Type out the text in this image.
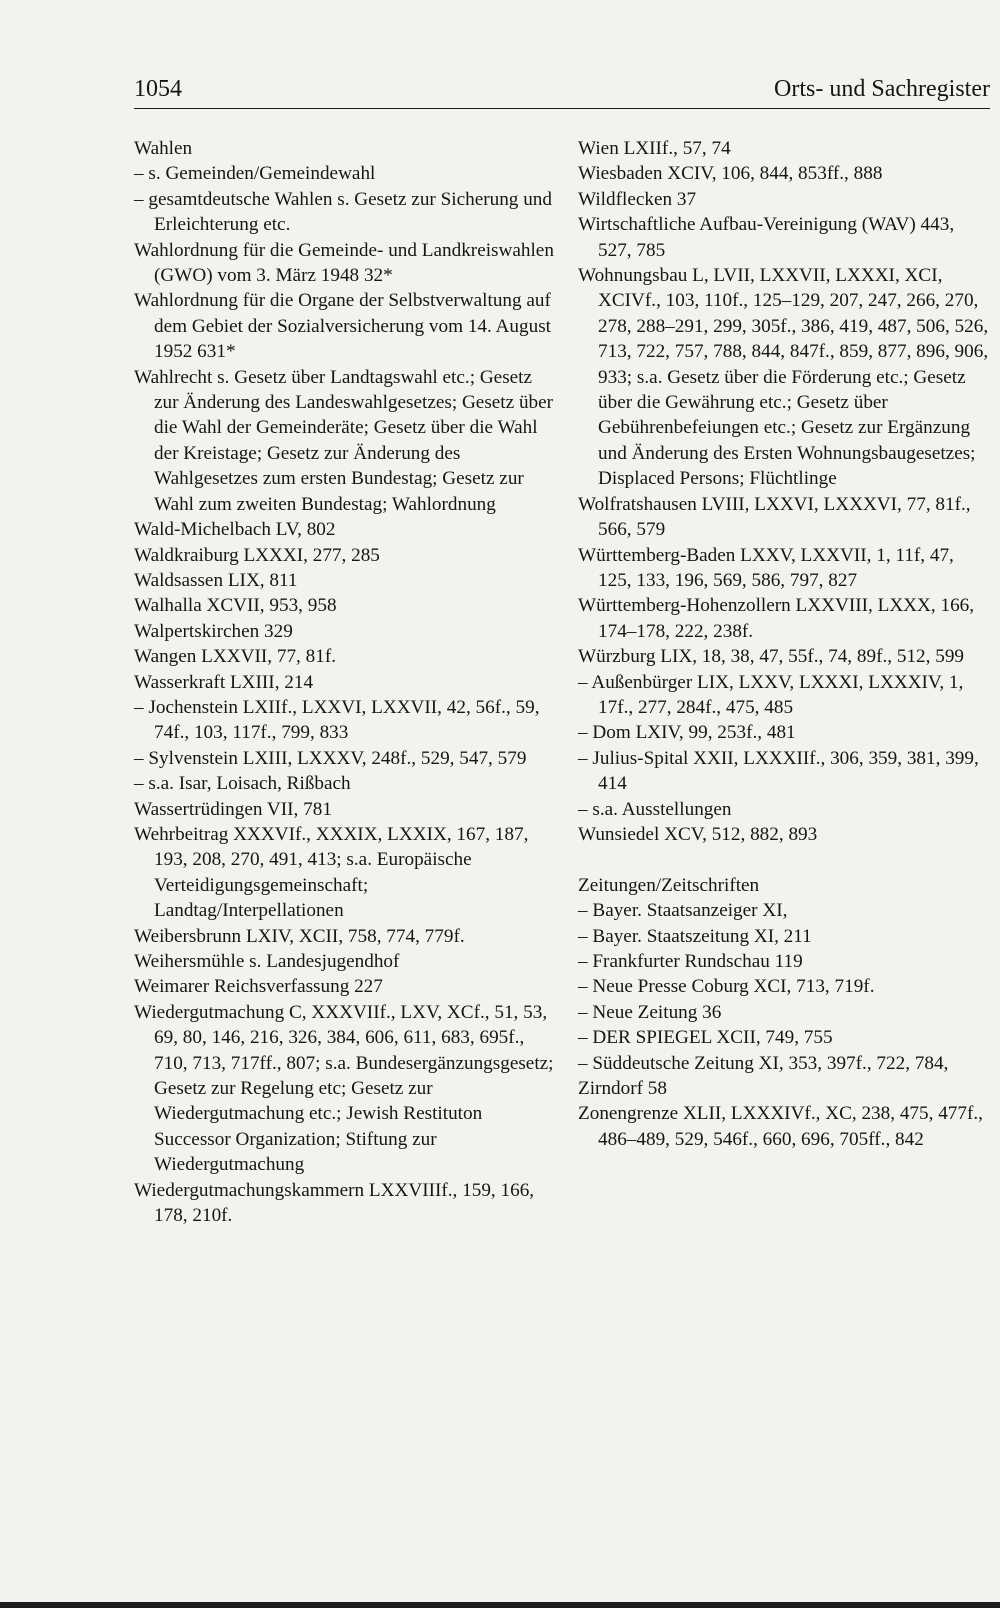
1054	Orts- und Sachregister

Wahlen

– s. Gemeinden/Gemeindewahl

– gesamtdeutsche Wahlen s. Gesetz zur Sicherung und Erleichterung etc.

Wahlordnung für die Gemeinde- und Landkreiswahlen (GWO) vom 3. März 1948 32*

Wahlordnung für die Organe der Selbstverwaltung auf dem Gebiet der Sozialversicherung vom 14. August 1952 631*

Wahlrecht s. Gesetz über Landtagswahl etc.; Gesetz zur Änderung des Landeswahlgesetzes; Gesetz über die Wahl der Gemeinderäte; Gesetz über die Wahl der Kreistage; Gesetz zur Änderung des Wahlgesetzes zum ersten Bundestag; Gesetz zur Wahl zum zweiten Bundestag; Wahlordnung

Wald-Michelbach LV, 802

Waldkraiburg LXXXI, 277, 285

Waldsassen LIX, 811

Walhalla XCVII, 953, 958

Walpertskirchen 329

Wangen LXXVII, 77, 81f.

Wasserkraft LXIII, 214

– Jochenstein LXIIf., LXXVI, LXXVII, 42, 56f., 59, 74f., 103, 117f., 799, 833

– Sylvenstein LXIII, LXXXV, 248f., 529, 547, 579

– s.a. Isar, Loisach, Rißbach

Wassertrüdingen VII, 781

Wehrbeitrag XXXVIf., XXXIX, LXXIX, 167, 187, 193, 208, 270, 491, 413; s.a. Europäische Verteidigungsgemeinschaft; Landtag/Interpellationen

Weibersbrunn LXIV, XCII, 758, 774, 779f.

Weihersmühle s. Landesjugendhof

Weimarer Reichsverfassung 227

Wiedergutmachung C, XXXVIIf., LXV, XCf., 51, 53, 69, 80, 146, 216, 326, 384, 606, 611, 683, 695f., 710, 713, 717ff., 807; s.a. Bundesergänzungsgesetz; Gesetz zur Regelung etc; Gesetz zur Wiedergutmachung etc.; Jewish Restituton Successor Organization; Stiftung zur Wiedergutmachung

Wiedergutmachungskammern LXXVIIIf., 159, 166, 178, 210f.

Wien LXIIf., 57, 74

Wiesbaden XCIV, 106, 844, 853ff., 888

Wildflecken 37

Wirtschaftliche Aufbau-Vereinigung (WAV) 443, 527, 785

Wohnungsbau L, LVII, LXXVII, LXXXI, XCI, XCIVf., 103, 110f., 125–129, 207, 247, 266, 270, 278, 288–291, 299, 305f., 386, 419, 487, 506, 526, 713, 722, 757, 788, 844, 847f., 859, 877, 896, 906, 933; s.a. Gesetz über die Förderung etc.; Gesetz über die Gewährung etc.; Gesetz über Gebührenbefeiungen etc.; Gesetz zur Ergänzung und Änderung des Ersten Wohnungsbaugesetzes; Displaced Persons; Flüchtlinge

Wolfratshausen LVIII, LXXVI, LXXXVI, 77, 81f., 566, 579

Württemberg-Baden LXXV, LXXVII, 1, 11f, 47, 125, 133, 196, 569, 586, 797, 827

Württemberg-Hohenzollern LXXVIII, LXXX, 166, 174–178, 222, 238f.

Würzburg LIX, 18, 38, 47, 55f., 74, 89f., 512, 599

– Außenbürger LIX, LXXV, LXXXI, LXXXIV, 1, 17f., 277, 284f., 475, 485

– Dom LXIV, 99, 253f., 481

– Julius-Spital XXII, LXXXIIf., 306, 359, 381, 399, 414

– s.a. Ausstellungen

Wunsiedel XCV, 512, 882, 893

Zeitungen/Zeitschriften

– Bayer. Staatsanzeiger XI,

– Bayer. Staatszeitung XI, 211

– Frankfurter Rundschau 119

– Neue Presse Coburg XCI, 713, 719f.

– Neue Zeitung 36

– DER SPIEGEL XCII, 749, 755

– Süddeutsche Zeitung XI, 353, 397f., 722, 784,

Zirndorf 58

Zonengrenze XLII, LXXXIVf., XC, 238, 475, 477f., 486–489, 529, 546f., 660, 696, 705ff., 842
